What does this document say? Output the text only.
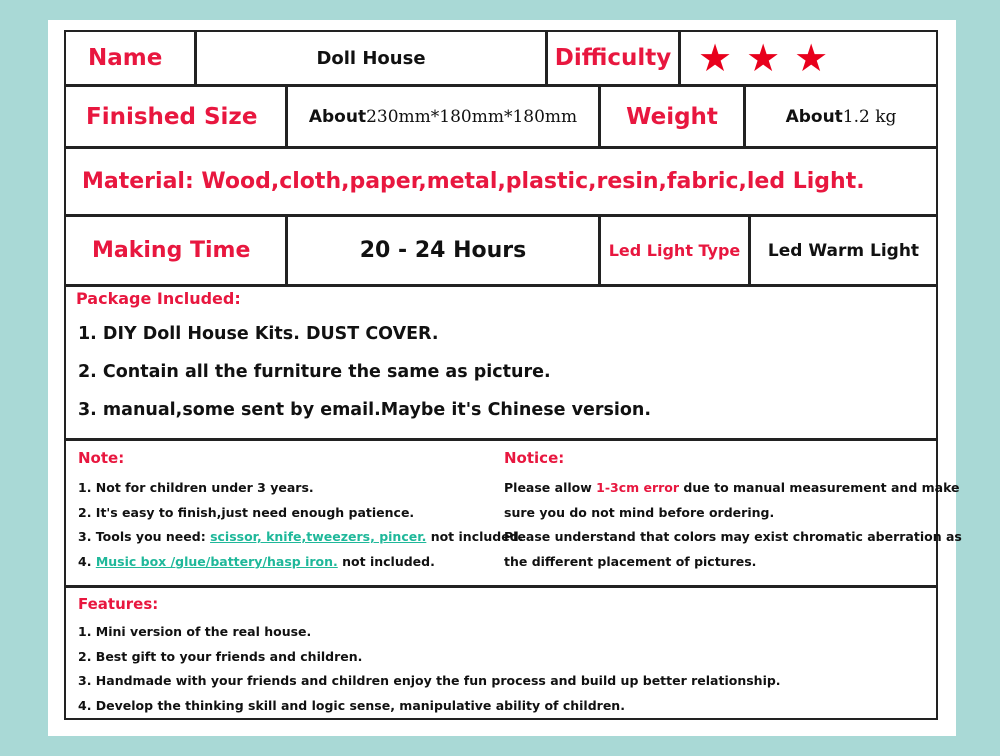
Name	Doll House	Difficulty ★ ★ ★
Finished Size	About 230mm*180mm*180mm	Weight	About 1.2 kg
Material: Wood,cloth,paper,metal,plastic,resin,fabric,led Light.
Making Time	20 - 24 Hours	Led Light Type	Led Warm Light
Package Included:
1. DIY Doll House Kits. DUST COVER.
2. Contain all the furniture the same as picture.
3. manual,some sent by email.Maybe it's Chinese version.
Note:
1. Not for children under 3 years.
2. It's easy to finish,just need enough patience.
3. Tools you need: scissor, knife,tweezers, pincer. not included.
4. Music box /glue/battery/hasp iron. not included.
Notice:
Please allow 1-3cm error due to manual measurement and make
sure you do not mind before ordering.
Please understand that colors may exist chromatic aberration as
the different placement of pictures.
Features:
1. Mini version of the real house.
2. Best gift to your friends and children.
3. Handmade with your friends and children enjoy the fun process and build up better relationship.
4. Develop the thinking skill and logic sense, manipulative ability of children.
